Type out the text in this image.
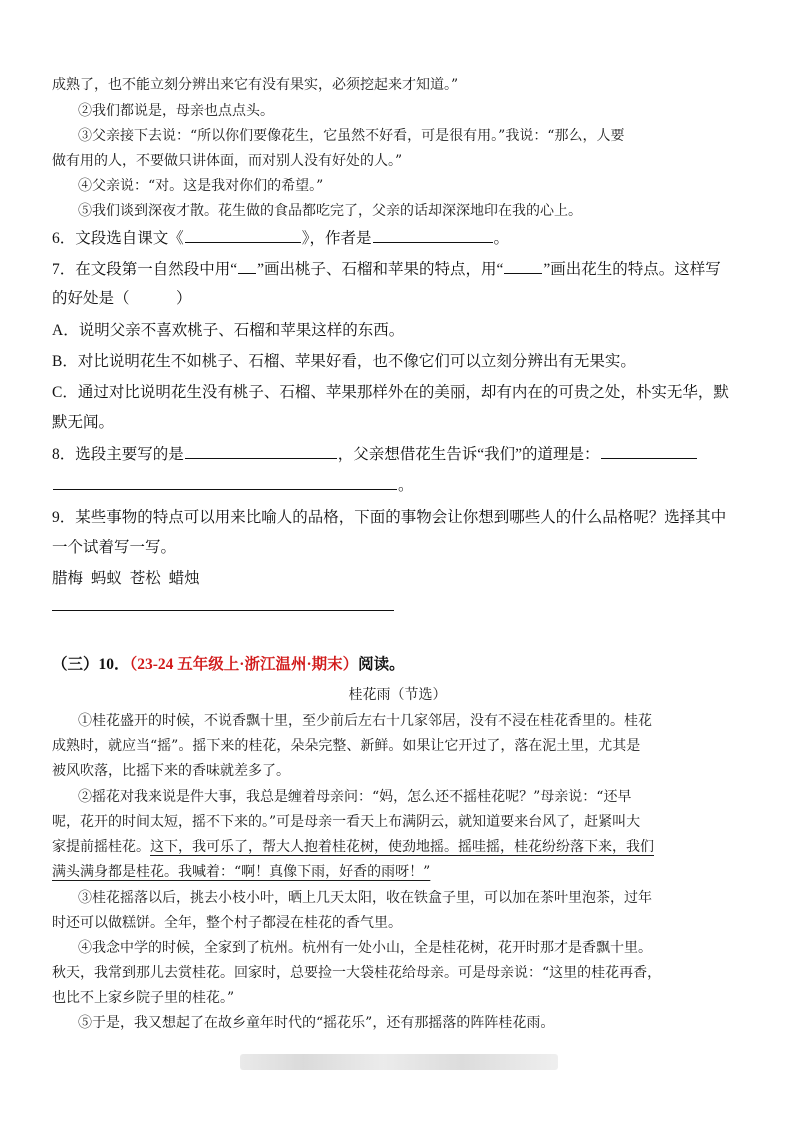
成熟了，也不能立刻分辨出来它有没有果实，必须挖起来才知道。”
②我们都说是，母亲也点点头。
③父亲接下去说：“所以你们要像花生，它虽然不好看，可是很有用。”我说：“那么，人要
做有用的人，不要做只讲体面，而对别人没有好处的人。”
④父亲说：“对。这是我对你们的希望。”
⑤我们谈到深夜才散。花生做的食品都吃完了，父亲的话却深深地印在我的心上。
6．文段选自课文《	》，作者是	。
7．在文段第一自然段中用“ ”画出桃子、石榴和苹果的特点，用“	”画出花生的特点。这样写
的好处是（　　　）
A．说明父亲不喜欢桃子、石榴和苹果这样的东西。
B．对比说明花生不如桃子、石榴、苹果好看，也不像它们可以立刻分辨出有无果实。
C．通过对比说明花生没有桃子、石榴、苹果那样外在的美丽，却有内在的可贵之处，朴实无华，默
默无闻。
8．选段主要写的是	，父亲想借花生告诉“我们”的道理是：
。
9．某些事物的特点可以用来比喻人的品格，下面的事物会让你想到哪些人的什么品格呢？选择其中
一个试着写一写。
腊梅 蚂蚁 苍松 蜡烛
（三）10．（23-24 五年级上·浙江温州·期末）阅读。
桂花雨（节选）
①桂花盛开的时候，不说香飘十里，至少前后左右十几家邻居，没有不浸在桂花香里的。桂花
成熟时，就应当“摇”。摇下来的桂花，朵朵完整、新鲜。如果让它开过了，落在泥土里，尤其是
被风吹落，比摇下来的香味就差多了。
②摇花对我来说是件大事，我总是缠着母亲问：“妈，怎么还不摇桂花呢？”母亲说：“还早
呢，花开的时间太短，摇不下来的。”可是母亲一看天上布满阴云，就知道要来台风了，赶紧叫大
家提前摇桂花。这下，我可乐了，帮大人抱着桂花树，使劲地摇。摇哇摇，桂花纷纷落下来，我们
满头满身都是桂花。我喊着：“啊！真像下雨，好香的雨呀！”
③桂花摇落以后，挑去小枝小叶，晒上几天太阳，收在铁盒子里，可以加在茶叶里泡茶，过年
时还可以做糕饼。全年，整个村子都浸在桂花的香气里。
④我念中学的时候，全家到了杭州。杭州有一处小山，全是桂花树，花开时那才是香飘十里。
秋天，我常到那儿去赏桂花。回家时，总要捡一大袋桂花给母亲。可是母亲说：“这里的桂花再香，
也比不上家乡院子里的桂花。”
⑤于是，我又想起了在故乡童年时代的“摇花乐”，还有那摇落的阵阵桂花雨。
